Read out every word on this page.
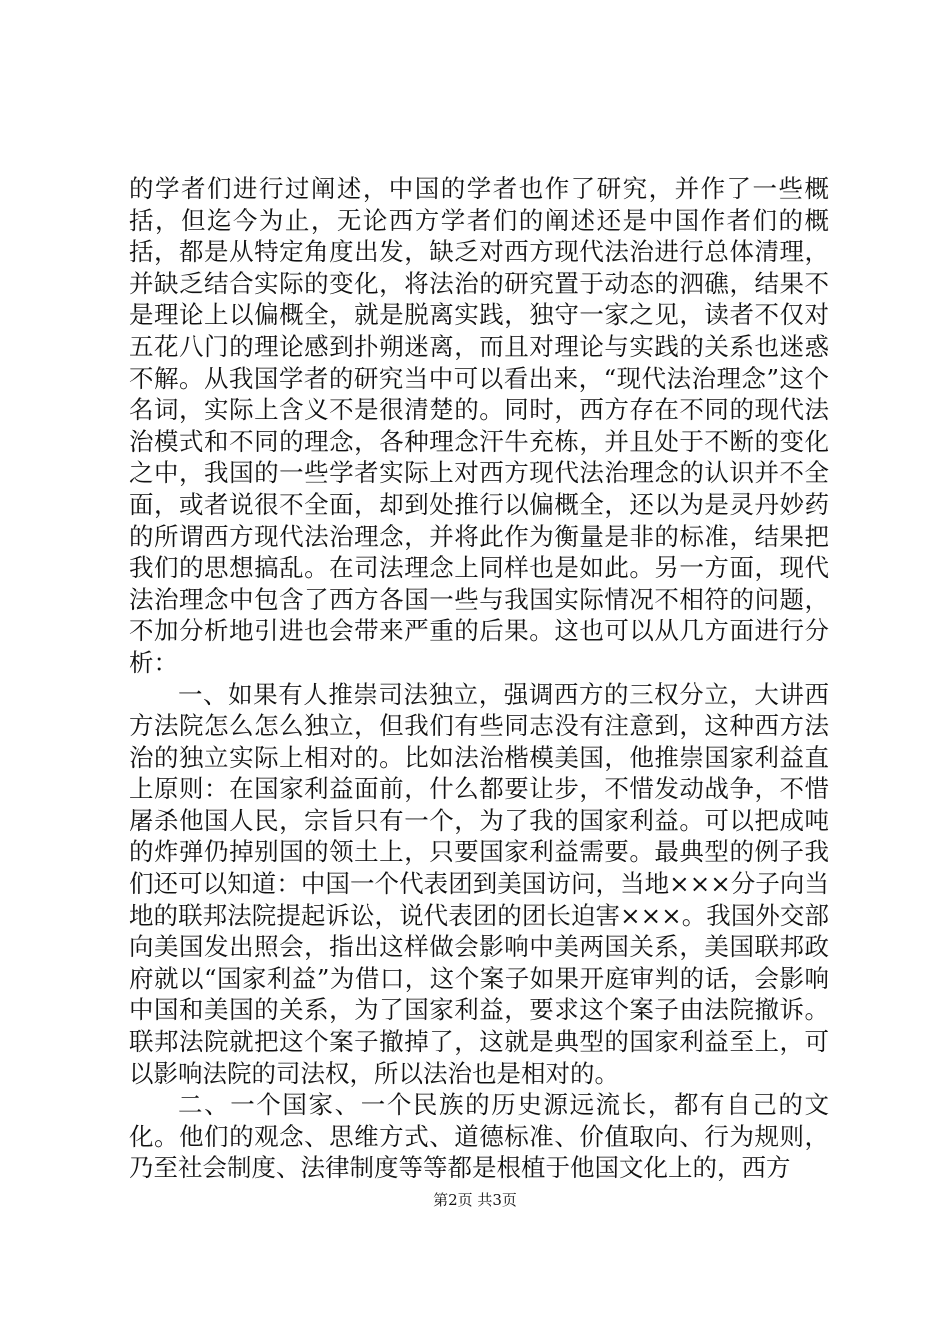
的学者们进行过阐述，中国的学者也作了研究，并作了一些概括，但迄今为止，无论西方学者们的阐述还是中国作者们的概括，都是从特定角度出发，缺乏对西方现代法治进行总体清理，并缺乏结合实际的变化，将法治的研究置于动态的泗礁，结果不是理论上以偏概全，就是脱离实践，独守一家之见，读者不仅对五花八门的理论感到扑朔迷离，而且对理论与实践的关系也迷惑不解。从我国学者的研究当中可以看出来，“现代法治理念”这个名词，实际上含义不是很清楚的。同时，西方存在不同的现代法治模式和不同的理念，各种理念汗牛充栋，并且处于不断的变化之中，我国的一些学者实际上对西方现代法治理念的认识并不全面，或者说很不全面，却到处推行以偏概全，还以为是灵丹妙药的所谓西方现代法治理念，并将此作为衡量是非的标准，结果把我们的思想搞乱。在司法理念上同样也是如此。另一方面，现代法治理念中包含了西方各国一些与我国实际情况不相符的问题，不加分析地引进也会带来严重的后果。这也可以从几方面进行分析：

一、如果有人推崇司法独立，强调西方的三权分立，大讲西方法院怎么怎么独立，但我们有些同志没有注意到，这种西方法治的独立实际上相对的。比如法治楷模美国，他推崇国家利益直上原则：在国家利益面前，什么都要让步，不惜发动战争，不惜屠杀他国人民，宗旨只有一个，为了我的国家利益。可以把成吨的炸弹仍掉别国的领土上，只要国家利益需要。最典型的例子我们还可以知道：中国一个代表团到美国访问，当地×××分子向当地的联邦法院提起诉讼，说代表团的团长迫害×××。我国外交部向美国发出照会，指出这样做会影响中美两国关系，美国联邦政府就以“国家利益”为借口，这个案子如果开庭审判的话，会影响中国和美国的关系，为了国家利益，要求这个案子由法院撤诉。联邦法院就把这个案子撤掉了，这就是典型的国家利益至上，可以影响法院的司法权，所以法治也是相对的。

二、一个国家、一个民族的历史源远流长，都有自己的文化。他们的观念、思维方式、道德标准、价值取向、行为规则，乃至社会制度、法律制度等等都是根植于他国文化上的，西方

第2页 共3页
